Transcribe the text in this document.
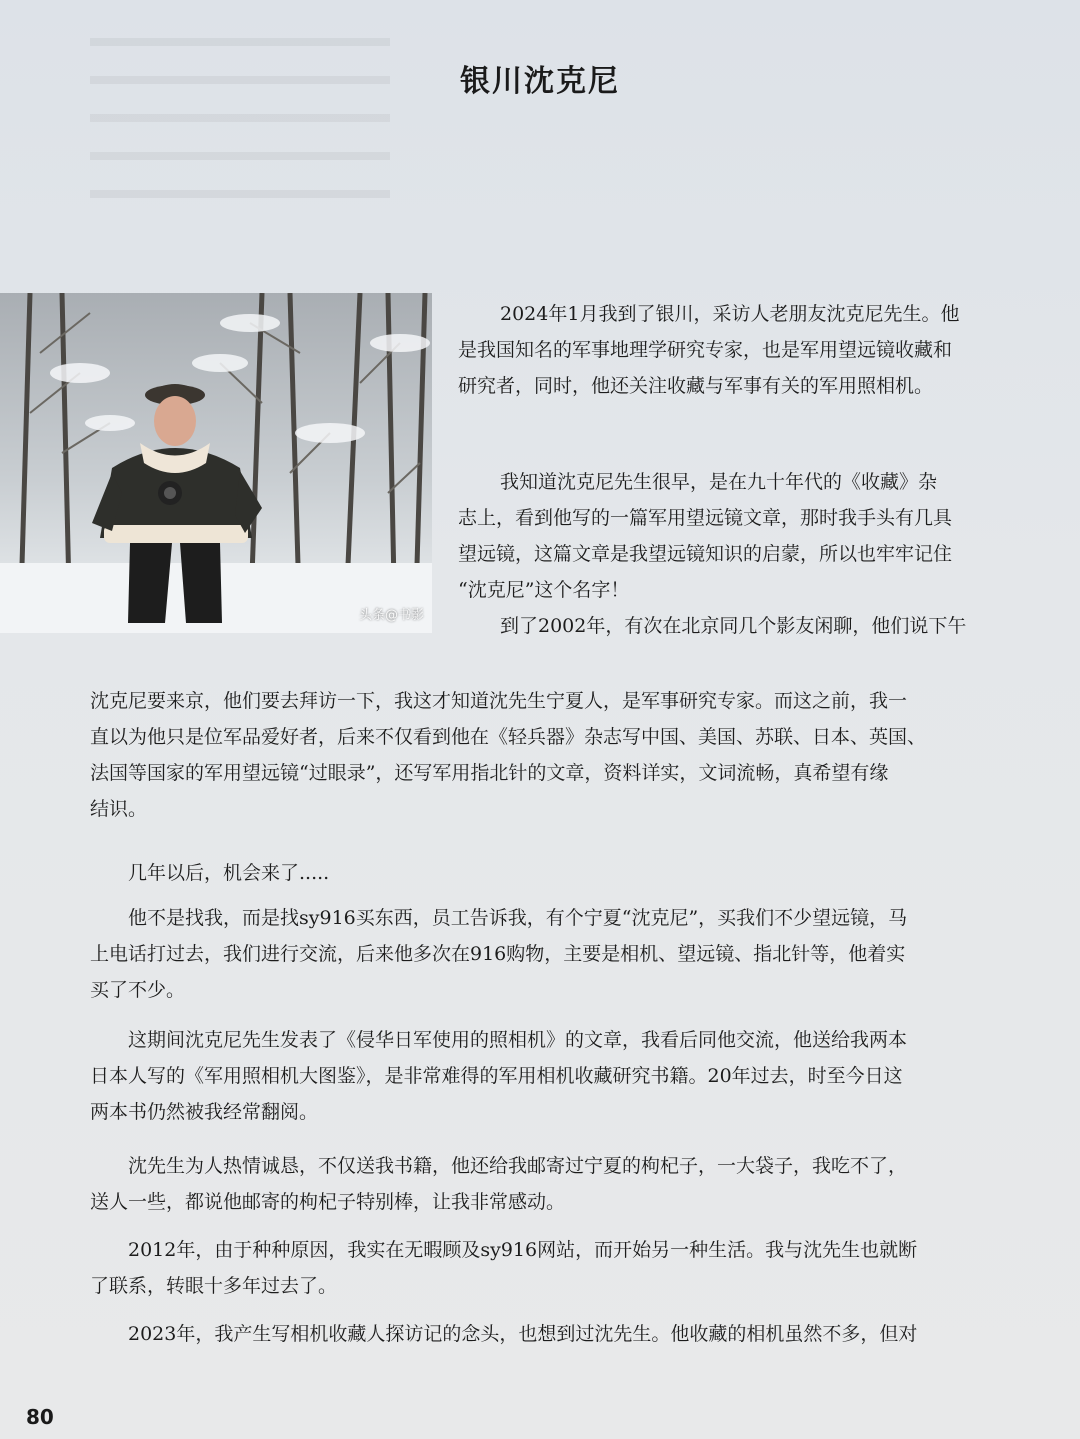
银川沈克尼
头条@书影
2024年1月我到了银川，采访人老朋友沈克尼先生。他
是我国知名的军事地理学研究专家，也是军用望远镜收藏和
研究者，同时，他还关注收藏与军事有关的军用照相机。
我知道沈克尼先生很早，是在九十年代的《收藏》杂
志上，看到他写的一篇军用望远镜文章，那时我手头有几具
望远镜，这篇文章是我望远镜知识的启蒙，所以也牢牢记住
“沈克尼”这个名字！
到了2002年，有次在北京同几个影友闲聊，他们说下午
沈克尼要来京，他们要去拜访一下，我这才知道沈先生宁夏人，是军事研究专家。而这之前，我一
直以为他只是位军品爱好者，后来不仅看到他在《轻兵器》杂志写中国、美国、苏联、日本、英国、
法国等国家的军用望远镜“过眼录”，还写军用指北针的文章，资料详实，文词流畅，真希望有缘
结识。
几年以后，机会来了.....
他不是找我，而是找sy916买东西，员工告诉我，有个宁夏“沈克尼”，买我们不少望远镜，马
上电话打过去，我们进行交流，后来他多次在916购物，主要是相机、望远镜、指北针等，他着实
买了不少。
这期间沈克尼先生发表了《侵华日军使用的照相机》的文章，我看后同他交流，他送给我两本
日本人写的《军用照相机大图鉴》，是非常难得的军用相机收藏研究书籍。20年过去，时至今日这
两本书仍然被我经常翻阅。
沈先生为人热情诚恳，不仅送我书籍，他还给我邮寄过宁夏的枸杞子，一大袋子，我吃不了，
送人一些，都说他邮寄的枸杞子特别棒，让我非常感动。
2012年，由于种种原因，我实在无暇顾及sy916网站，而开始另一种生活。我与沈先生也就断
了联系，转眼十多年过去了。
2023年，我产生写相机收藏人探访记的念头，也想到过沈先生。他收藏的相机虽然不多，但对
80
